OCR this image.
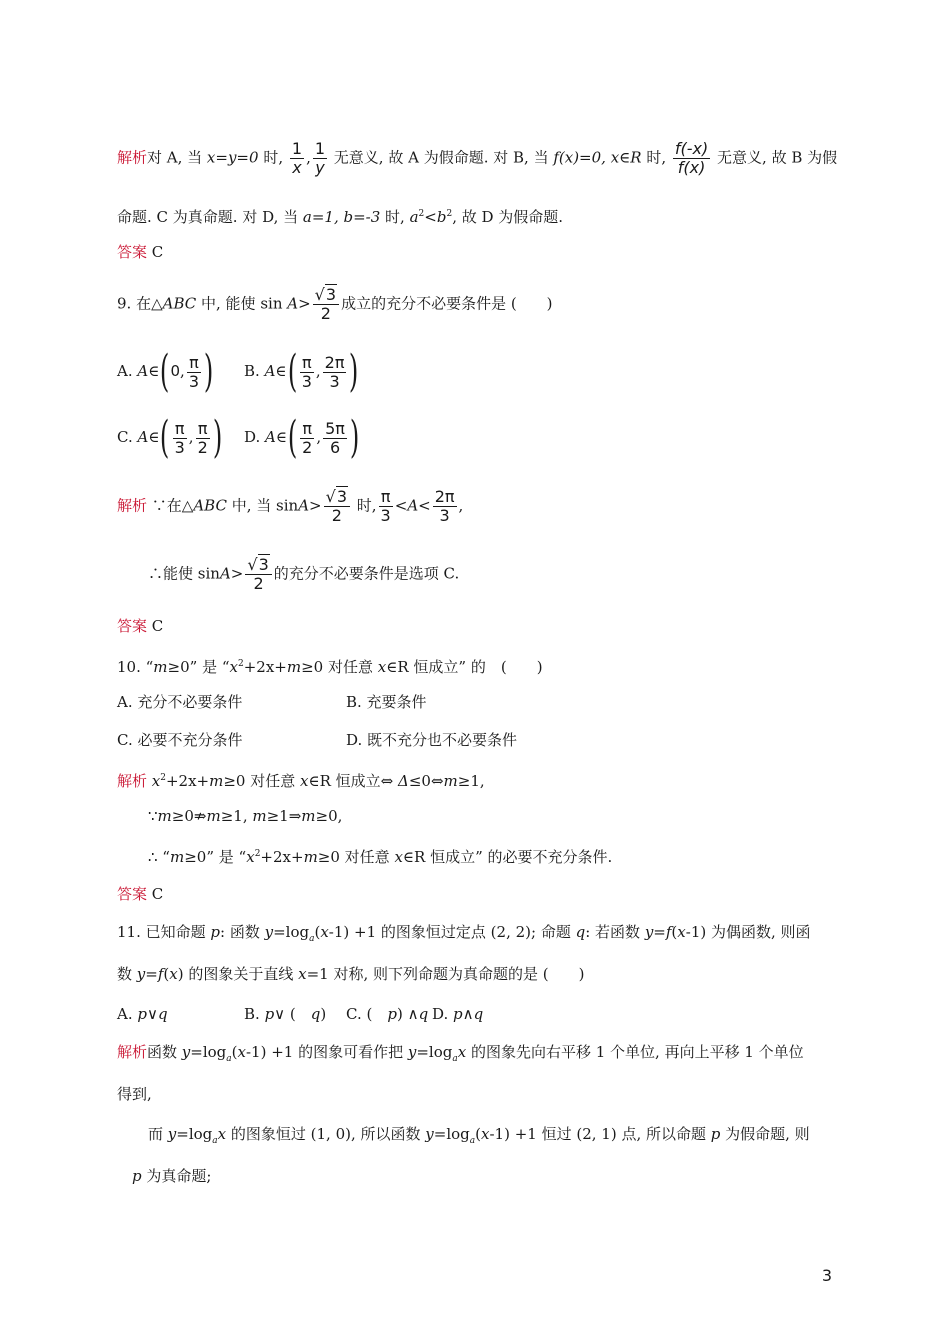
解析对 A, 当 x=y=0 时, $\frac{1}{x}$ , $\frac{1}{y}$ 无意义, 故 A 为假命题. 对 B, 当 f(x)=0, x∈R 时, $\frac{f(-x)}{f(x)}$ 无意义, 故 B 为假
命题. C 为真命题. 对 D, 当 a=1, b=-3 时, $a^2<b^2$, 故 D 为假命题.
答案 C
9. 在△ABC 中, 能使 $\sin A> \frac{√3}{2}$ 成立的充分不必要条件是 (　　)
A. A∈(0, $\frac{\pi}{3}$ ) B. A∈( $\frac{\pi}{3}$ , $\frac{2\pi}{3}$ )
C. A∈( $\frac{\pi}{3}$ , $\frac{\pi}{2}$ ) D. A∈( $\frac{\pi}{2}$ , $\frac{5\pi}{6}$ )
解析 ∵在△ABC 中, 当 $\sin A> \frac{√3}{2}$ 时, $\frac{\pi}{3} <A< \frac{2\pi}{3}$ ,
∴能使 $\sin A> \frac{√3}{2}$ 的充分不必要条件是选项 C.
答案 C
10. “m≥0” 是 “$x^2+2x+m\ge 0$ 对任意 x∈R 恒成立” 的　(　　)
A. 充分不必要条件	B. 充要条件
C. 必要不充分条件	D. 既不充分也不必要条件
解析 $x^2+2x+m\ge 0$ 对任意 x∈R 恒成立⇔ Δ≤0⇔m≥1,
∵m≥0⇏m≥1, m≥1⇒m≥0,
∴ “m≥0” 是 “$x^2+2x+m\ge 0$ 对任意 x∈R 恒成立” 的必要不充分条件.
答案 C
11. 已知命题 p: 函数 $y=\log_a(x-1) +1$ 的图象恒过定点 (2, 2); 命题 q: 若函数 y=f(x-1) 为偶函数, 则函
数 y=f(x) 的图象关于直线 x=1 对称, 则下列命题为真命题的是 (　　)
A. p∨q	B. p∨ (　q) C. (　p) ∧q D. p∧q
解析函数 $y=\log_a(x-1) +1$ 的图象可看作把 $y=\log_ax$ 的图象先向右平移 1 个单位, 再向上平移 1 个单位
得到,
而 $y=\log_ax$ 的图象恒过 (1, 0), 所以函数 $y=\log_a(x-1) +1$ 恒过 (2, 1) 点, 所以命题 p 为假命题, 则
p 为真命题;
3
